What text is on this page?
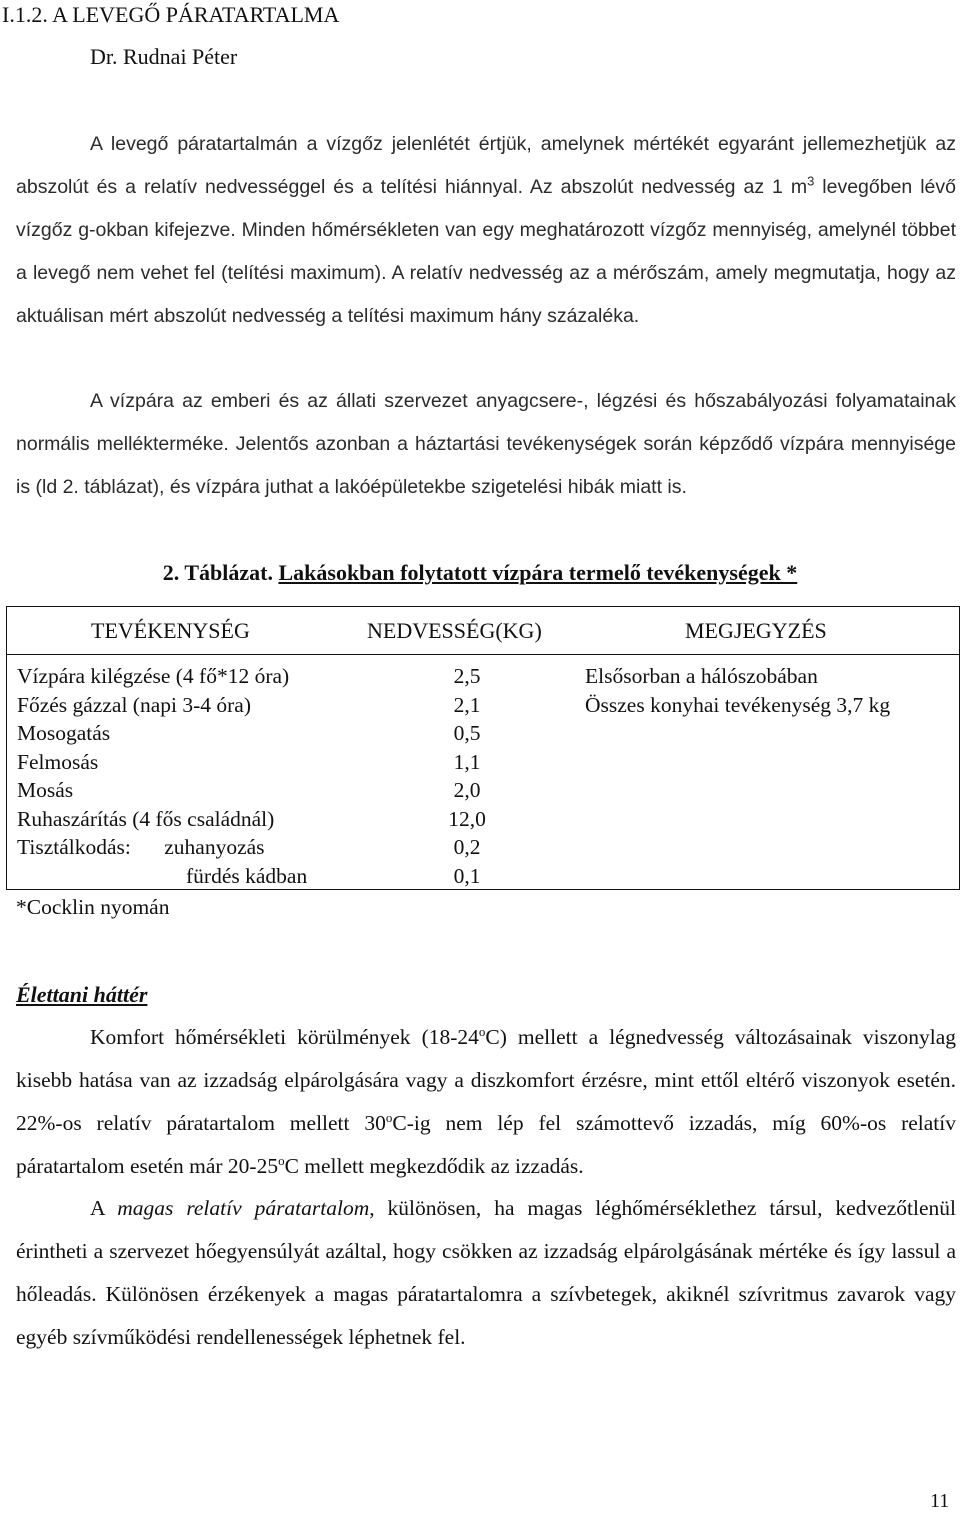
I.1.2. A LEVEGŐ PÁRATARTALMA
Dr. Rudnai Péter

A levegő páratartalmán a vízgőz jelenlétét értjük, amelynek mértékét egyaránt jellemezhetjük az abszolút és a relatív nedvességgel és a telítési hiánnyal. Az abszolút nedvesség az 1 $m^3$ levegőben lévő vízgőz g-okban kifejezve. Minden hőmérsékleten van egy meghatározott vízgőz mennyiség, amelynél többet a levegő nem vehet fel (telítési maximum). A relatív nedvesség az a mérőszám, amely megmutatja, hogy az aktuálisan mért abszolút nedvesség a telítési maximum hány százaléka.

A vízpára az emberi és az állati szervezet anyagcsere-, légzési és hőszabályozási folyamatainak normális mellékterméke. Jelentős azonban a háztartási tevékenységek során képződő vízpára mennyisége is (ld 2. táblázat), és vízpára juthat a lakóépületekbe szigetelési hibák miatt is.

2. Táblázat. Lakásokban folytatott vízpára termelő tevékenységek *
TEVÉKENYSÉG	NEDVESSÉG(KG)	MEGJEGYZÉS
Vízpára kilégzése (4 fő*12 óra)
Főzés gázzal (napi 3-4 óra)
Mosogatás
Felmosás
Mosás
Ruhaszárítás (4 fős családnál)
Tisztálkodás: zuhanyozás
fürdés kádban
2,5
2,1
0,5
1,1
2,0
12,0
0,2
0,1
Elsősorban a hálószobában
Összes konyhai tevékenység 3,7 kg
*Cocklin nyomán
Élettani háttér

Komfort hőmérsékleti körülmények (18-24$^o$C) mellett a légnedvesség változásainak viszonylag kisebb hatása van az izzadság elpárolgására vagy a diszkomfort érzésre, mint ettől eltérő viszonyok esetén. 22%-os relatív páratartalom mellett 30$^o$C-ig nem lép fel számottevő izzadás, míg 60%-os relatív páratartalom esetén már 20-25$^o$C mellett megkezdődik az izzadás.

A magas relatív páratartalom, különösen, ha magas léghőmérséklethez társul, kedvezőtlenül érintheti a szervezet hőegyensúlyát azáltal, hogy csökken az izzadság elpárolgásának mértéke és így lassul a hőleadás. Különösen érzékenyek a magas páratartalomra a szívbetegek, akiknél szívritmus zavarok vagy egyéb szívműködési rendellenességek léphetnek fel.

11
